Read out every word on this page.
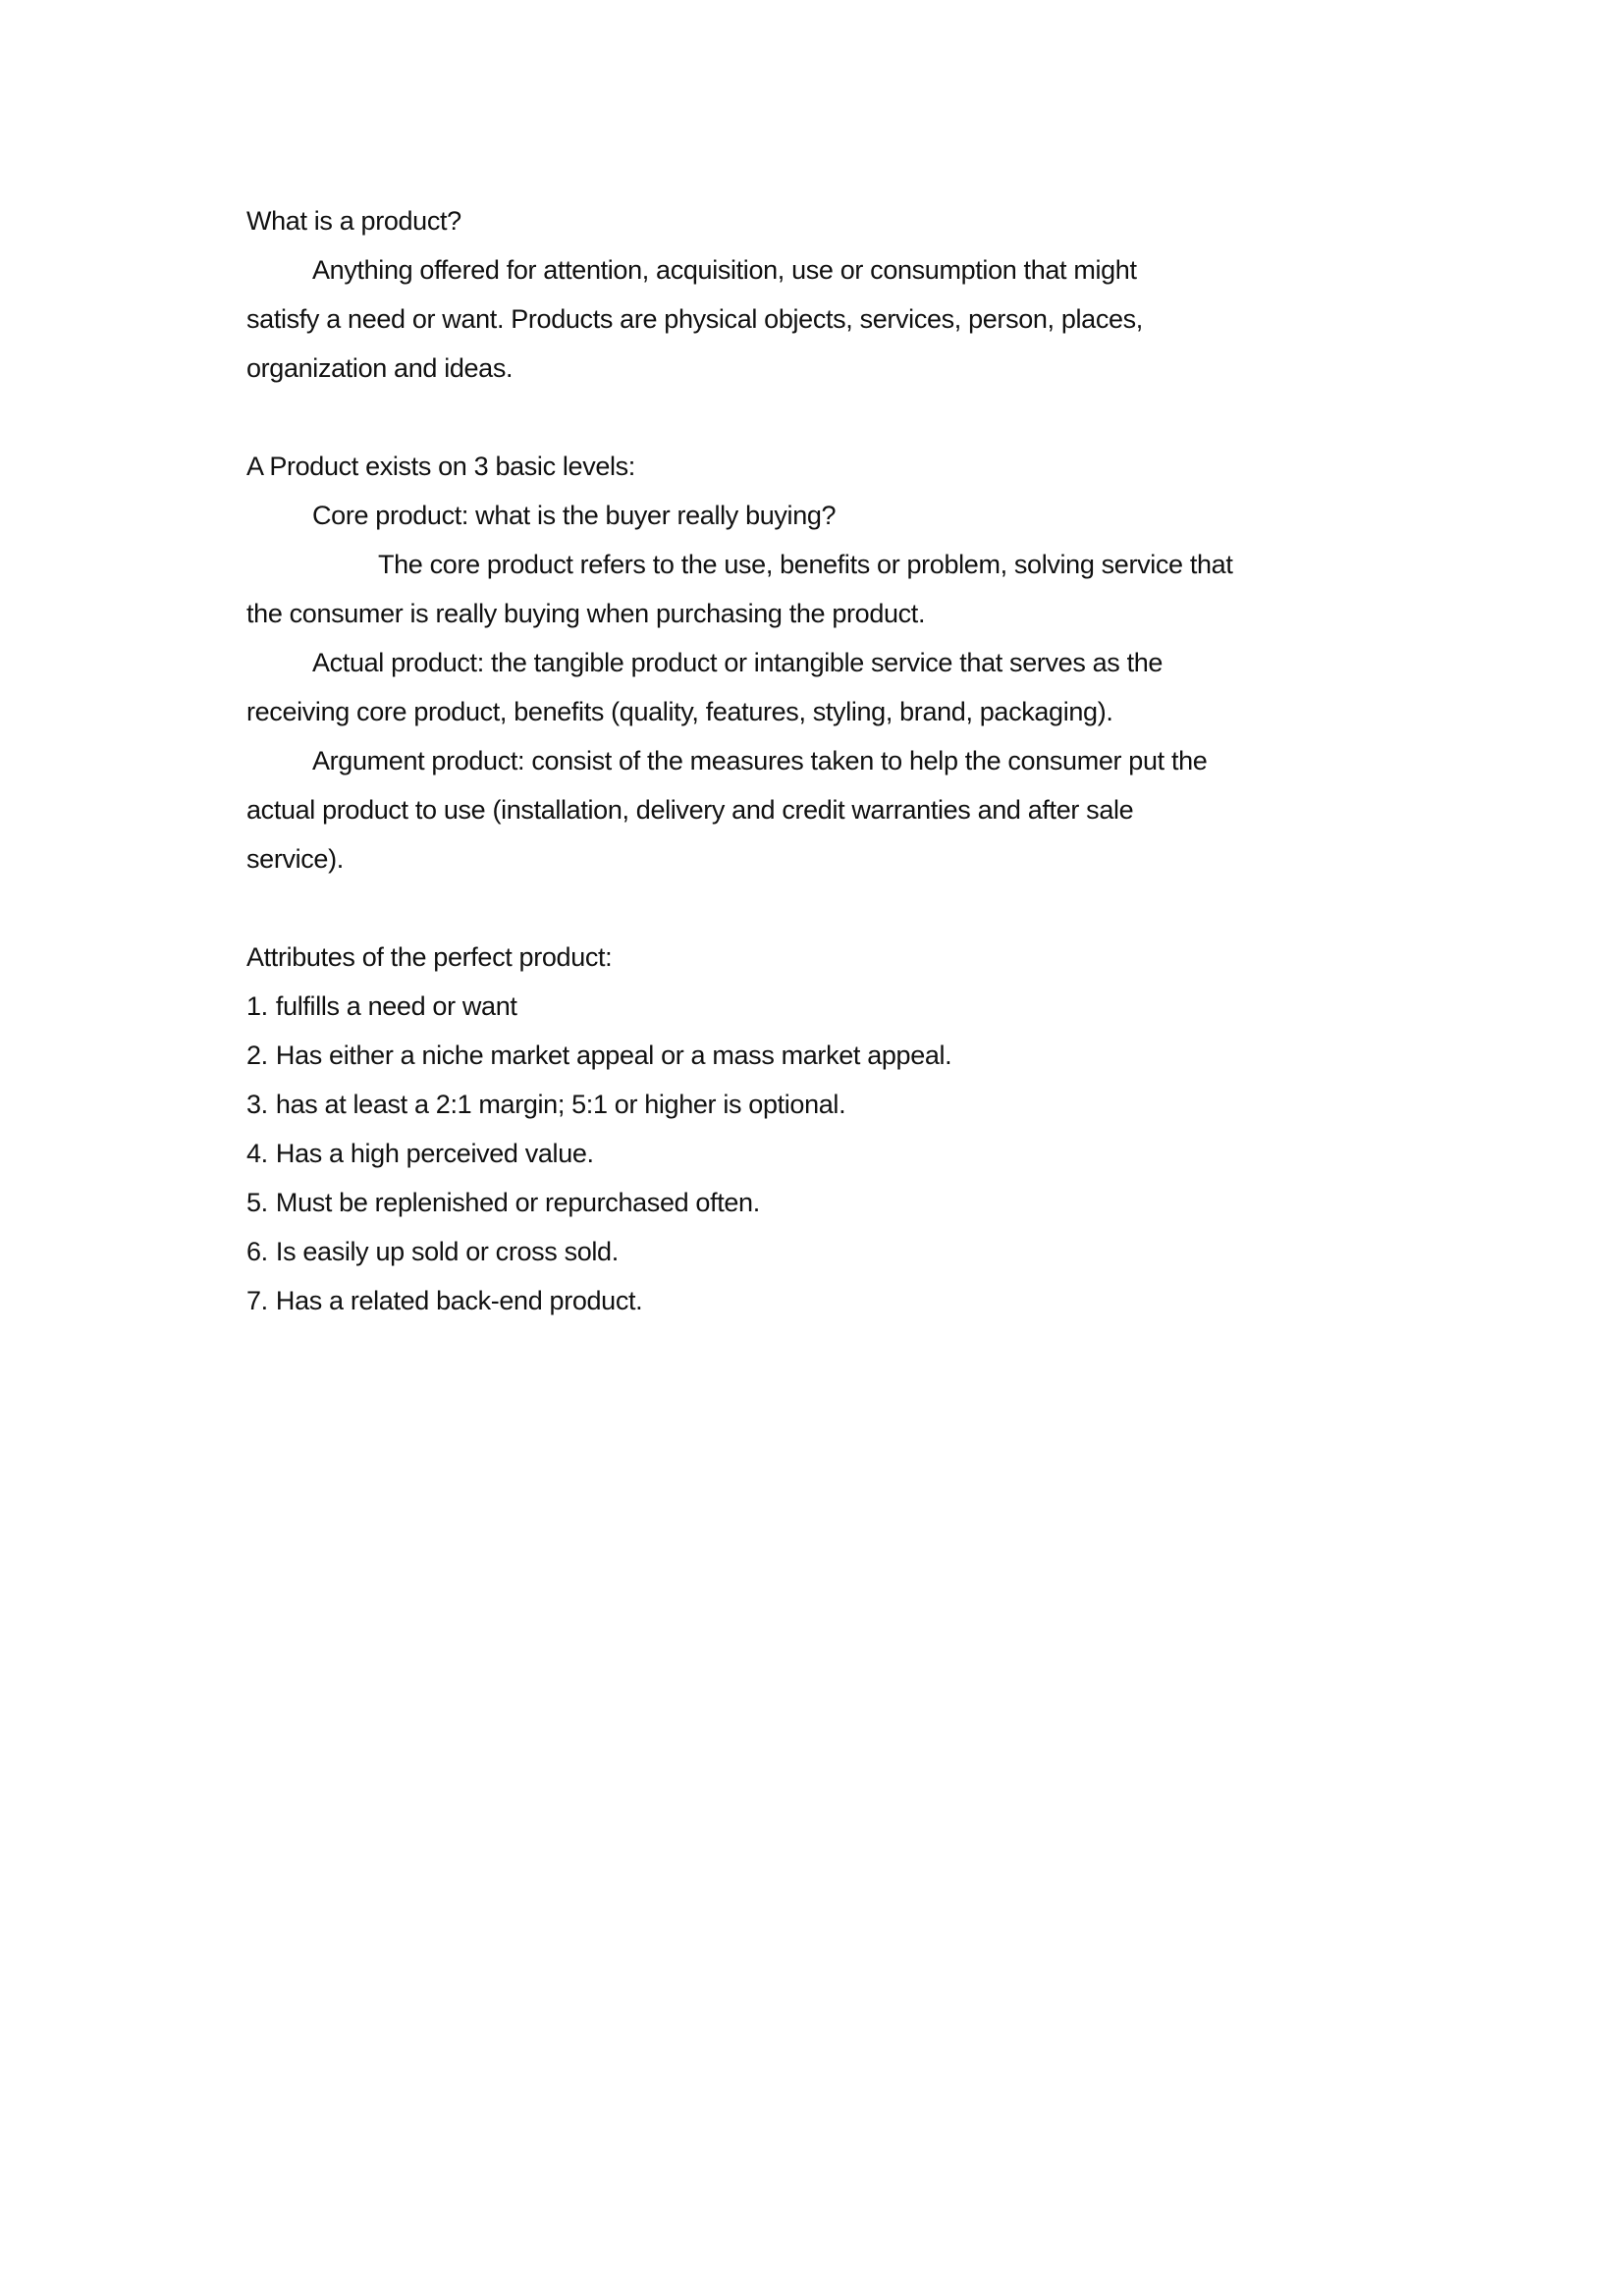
What is a product?

Anything offered for attention, acquisition, use or consumption that might
satisfy a need or want. Products are physical objects, services, person, places,
organization and ideas.

A Product exists on 3 basic levels:

Core product: what is the buyer really buying?
The core product refers to the use, benefits or problem, solving service that
the consumer is really buying when purchasing the product.
Actual product: the tangible product or intangible service that serves as the
receiving core product, benefits (quality, features, styling, brand, packaging).
Argument product: consist of the measures taken to help the consumer put the
actual product to use (installation, delivery and credit warranties and after sale
service).

Attributes of the perfect product:

1. fulfills a need or want
2. Has either a niche market appeal or a mass market appeal.
3. has at least a 2:1 margin; 5:1 or higher is optional.
4. Has a high perceived value.
5. Must be replenished or repurchased often.
6. Is easily up sold or cross sold.
7. Has a related back-end product.
